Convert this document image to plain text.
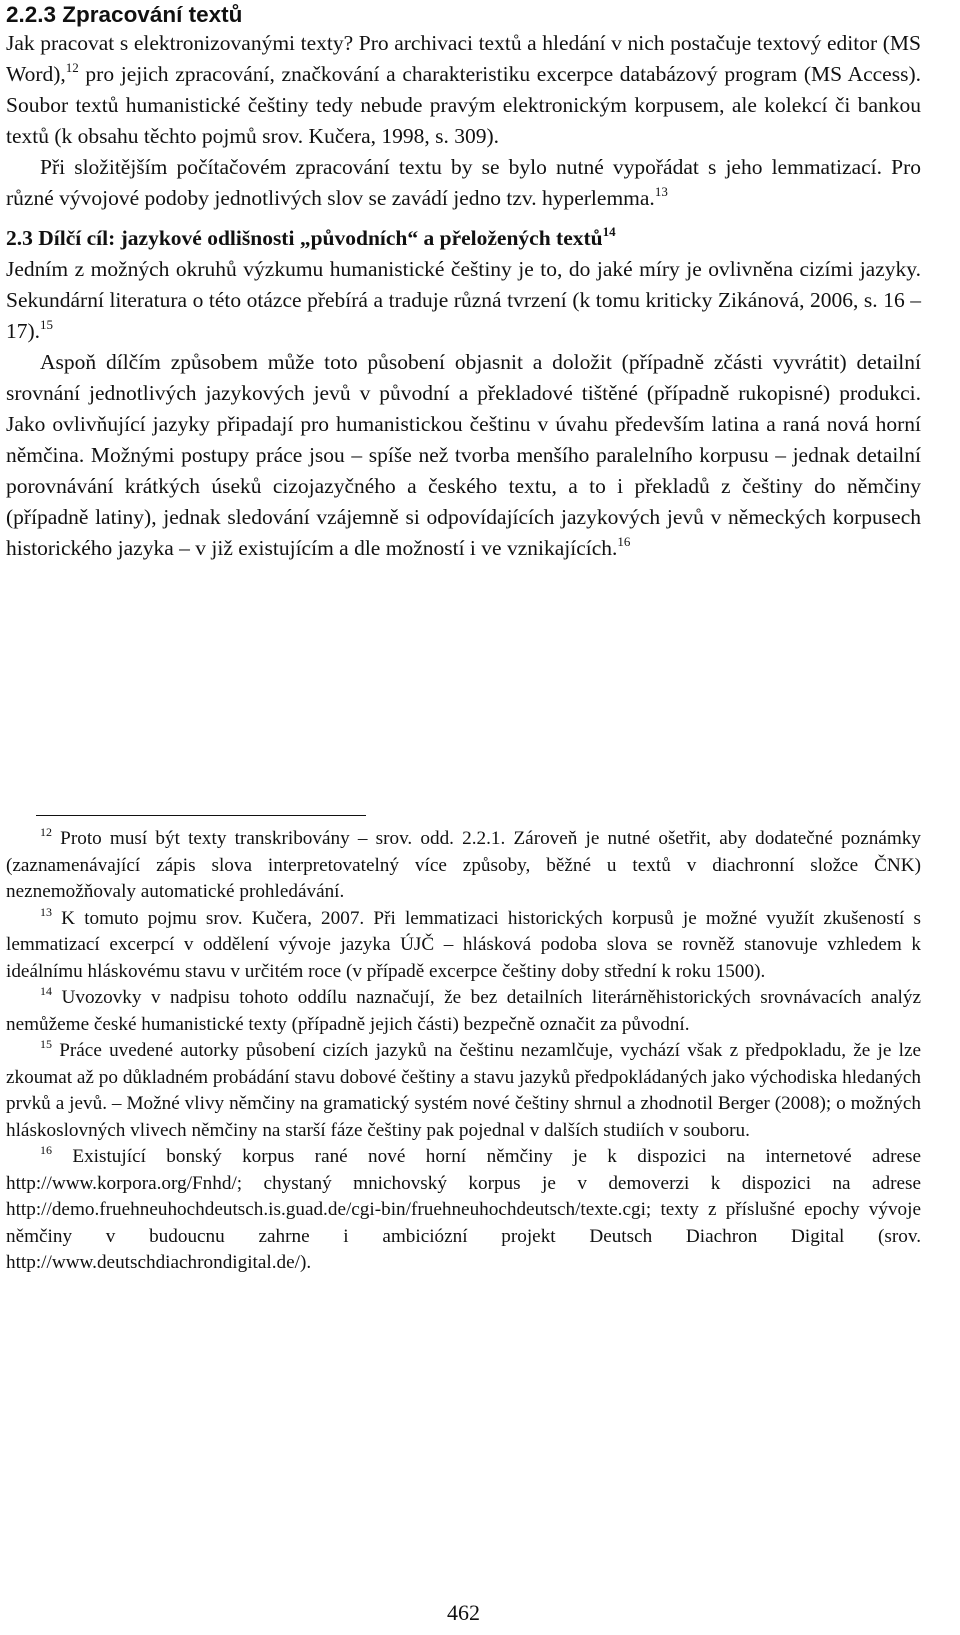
2.2.3 Zpracování textů

Jak pracovat s elektronizovanými texty? Pro archivaci textů a hledání v nich postačuje textový editor (MS Word),$^{12}$ pro jejich zpracování, značkování a charakteristiku excerpce databázový program (MS Access). Soubor textů humanistické češtiny tedy nebude pravým elektronickým korpusem, ale kolekcí či bankou textů (k obsahu těchto pojmů srov. Kučera, 1998, s. 309).

Při složitějším počítačovém zpracování textu by se bylo nutné vypořádat s jeho lemmatizací. Pro různé vývojové podoby jednotlivých slov se zavádí jedno tzv. hyperlemma.$^{13}$

2.3 Dílčí cíl: jazykové odlišnosti „původních“ a přeložených textů$^{14}$

Jedním z možných okruhů výzkumu humanistické češtiny je to, do jaké míry je ovlivněna cizími jazyky. Sekundární literatura o této otázce přebírá a traduje různá tvrzení (k tomu kriticky Zikánová, 2006, s. 16 – 17).$^{15}$

Aspoň dílčím způsobem může toto působení objasnit a doložit (případně zčásti vyvrátit) detailní srovnání jednotlivých jazykových jevů v původní a překladové tištěné (případně rukopisné) produkci. Jako ovlivňující jazyky připadají pro humanistickou češtinu v úvahu především latina a raná nová horní němčina. Možnými postupy práce jsou – spíše než tvorba menšího paralelního korpusu – jednak detailní porovnávání krátkých úseků cizojazyčného a českého textu, a to i překladů z češtiny do němčiny (případně latiny), jednak sledování vzájemně si odpovídajících jazykových jevů v německých korpusech historického jazyka – v již existujícím a dle možností i ve vznikajících.$^{16}$

$^{12}$ Proto musí být texty transkribovány – srov. odd. 2.2.1. Zároveň je nutné ošetřit, aby dodatečné poznámky (zaznamenávající zápis slova interpretovatelný více způsoby, běžné u textů v diachronní složce ČNK) neznemožňovaly automatické prohledávání.

$^{13}$ K tomuto pojmu srov. Kučera, 2007. Při lemmatizaci historických korpusů je možné využít zkušeností s lemmatizací excerpcí v oddělení vývoje jazyka ÚJČ – hlásková podoba slova se rovněž stanovuje vzhledem k ideálnímu hláskovému stavu v určitém roce (v případě excerpce češtiny doby střední k roku 1500).

$^{14}$ Uvozovky v nadpisu tohoto oddílu naznačují, že bez detailních literárněhistorických srovnávacích analýz nemůžeme české humanistické texty (případně jejich části) bezpečně označit za původní.

$^{15}$ Práce uvedené autorky působení cizích jazyků na češtinu nezamlčuje, vychází však z předpokladu, že je lze zkoumat až po důkladném probádání stavu dobové češtiny a stavu jazyků předpokládaných jako východiska hledaných prvků a jevů. – Možné vlivy němčiny na gramatický systém nové češtiny shrnul a zhodnotil Berger (2008); o možných hláskoslovných vlivech němčiny na starší fáze češtiny pak pojednal v dalších studiích v souboru.

$^{16}$ Existující bonský korpus rané nové horní němčiny je k dispozici na internetové adrese http://www.korpora.org/Fnhd/; chystaný mnichovský korpus je v demoverzi k dispozici na adrese http://demo.fruehneuhochdeutsch.is.guad.de/cgi-bin/fruehneuhochdeutsch/texte.cgi; texty z příslušné epochy vývoje němčiny v budoucnu zahrne i ambiciózní projekt Deutsch Diachron Digital (srov. http://www.deutschdiachrondigital.de/).

462
